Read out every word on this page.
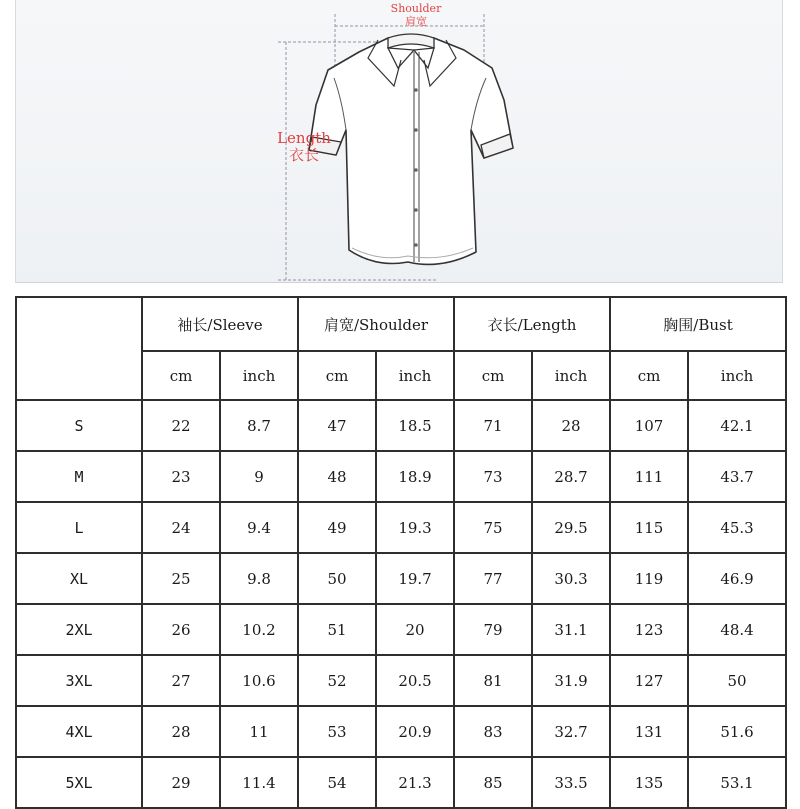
Shoulder
肩宽
Length
衣长
	袖长/Sleeve		肩宽/Shoulder		衣长/Length		胸围/Bust	
	cm	inch	cm	inch	cm	inch	cm	inch
S	22	8.7	47	18.5	71	28	107	42.1
M	23	9	48	18.9	73	28.7	111	43.7
L	24	9.4	49	19.3	75	29.5	115	45.3
XL	25	9.8	50	19.7	77	30.3	119	46.9
2XL	26	10.2	51	20	79	31.1	123	48.4
3XL	27	10.6	52	20.5	81	31.9	127	50
4XL	28	11	53	20.9	83	32.7	131	51.6
5XL	29	11.4	54	21.3	85	33.5	135	53.1
